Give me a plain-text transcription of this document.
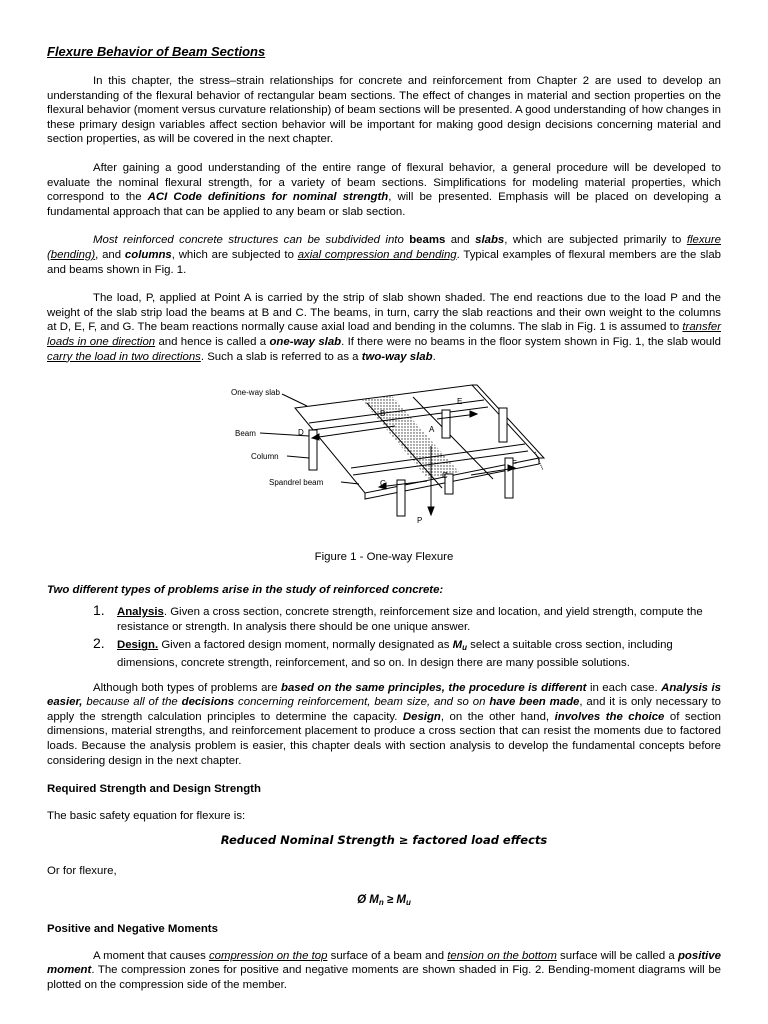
Flexure Behavior of Beam Sections

In this chapter, the stress–strain relationships for concrete and reinforcement from Chapter 2 are used to develop an understanding of the flexural behavior of rectangular beam sections. The effect of changes in material and section properties on the flexural behavior (moment versus curvature relationship) of beam sections will be presented. A good understanding of how changes in these primary design variables affect section behavior will be important for making good design decisions concerning material and section properties, as will be covered in the next chapter.

After gaining a good understanding of the entire range of flexural behavior, a general procedure will be developed to evaluate the nominal flexural strength, for a variety of beam sections. Simplifications for modeling material properties, which correspond to the ACI Code definitions for nominal strength, will be presented. Emphasis will be placed on developing a fundamental approach that can be applied to any beam or slab section.

Most reinforced concrete structures can be subdivided into beams and slabs, which are subjected primarily to flexure (bending), and columns, which are subjected to axial compression and bending. Typical examples of flexural members are the slab and beams shown in Fig. 1.

The load, P, applied at Point A is carried by the strip of slab shown shaded. The end reactions due to the load P and the weight of the slab strip load the beams at B and C. The beams, in turn, carry the slab reactions and their own weight to the columns at D, E, F, and G. The beam reactions normally cause axial load and bending in the columns. The slab in Fig. 1 is assumed to transfer loads in one direction and hence is called a one-way slab. If there were no beams in the floor system shown in Fig. 1, the slab would carry the load in two directions. Such a slab is referred to as a two-way slab.

One-way slab
Beam
Column
Spandrel beam
A
B
C
D
E
F
G
P
Figure 1 - One-way Flexure

Two different types of problems arise in the study of reinforced concrete:

1. Analysis. Given a cross section, concrete strength, reinforcement size and location, and yield strength, compute the resistance or strength. In analysis there should be one unique answer.
2. Design. Given a factored design moment, normally designated as $M_u$ select a suitable cross section, including dimensions, concrete strength, reinforcement, and so on. In design there are many possible solutions.

Although both types of problems are based on the same principles, the procedure is different in each case. Analysis is easier, because all of the decisions concerning reinforcement, beam size, and so on have been made, and it is only necessary to apply the strength calculation principles to determine the capacity. Design, on the other hand, involves the choice of section dimensions, material strengths, and reinforcement placement to produce a cross section that can resist the moments due to factored loads. Because the analysis problem is easier, this chapter deals with section analysis to develop the fundamental concepts before considering design in the next chapter.

Required Strength and Design Strength

The basic safety equation for flexure is:

Reduced Nominal Strength ≥ factored load effects

Or for flexure,

Ø $M_n \ge M_u$

Positive and Negative Moments

A moment that causes compression on the top surface of a beam and tension on the bottom surface will be called a positive moment. The compression zones for positive and negative moments are shown shaded in Fig. 2. Bending-moment diagrams will be plotted on the compression side of the member.
